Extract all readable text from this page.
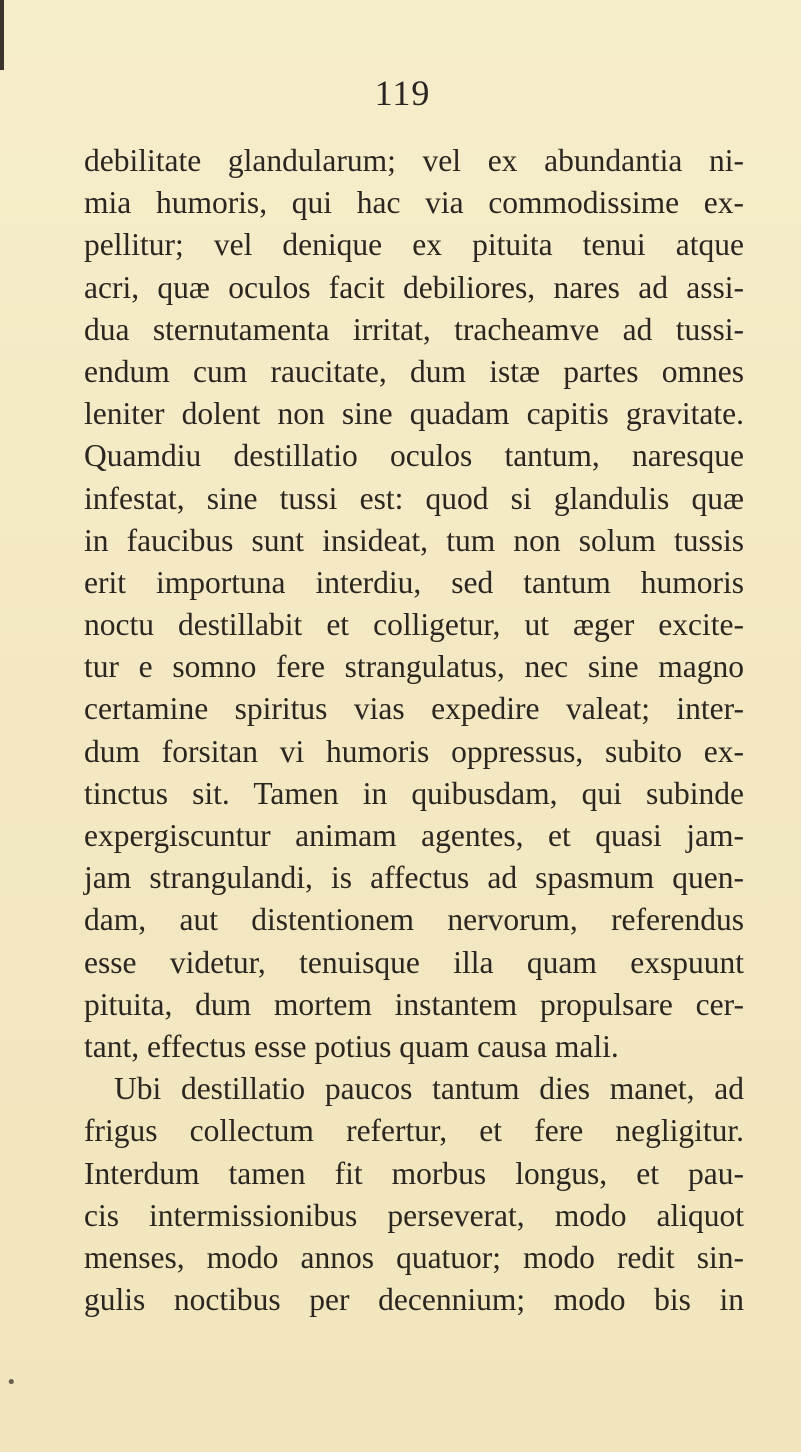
119
debilitate glandularum; vel ex abundantia ni-
mia humoris, qui hac via commodissime ex-
pellitur; vel denique ex pituita tenui atque
acri, quæ oculos facit debiliores, nares ad assi-
dua sternutamenta irritat, tracheamve ad tussi-
endum cum raucitate, dum istæ partes omnes
leniter dolent non sine quadam capitis gravitate.
Quamdiu destillatio oculos tantum, naresque
infestat, sine tussi est: quod si glandulis quæ
in faucibus sunt insideat, tum non solum tussis
erit importuna interdiu, sed tantum humoris
noctu destillabit et colligetur, ut æger excite-
tur e somno fere strangulatus, nec sine magno
certamine spiritus vias expedire valeat; inter-
dum forsitan vi humoris oppressus, subito ex-
tinctus sit. Tamen in quibusdam, qui subinde
expergiscuntur animam agentes, et quasi jam-
jam strangulandi, is affectus ad spasmum quen-
dam, aut distentionem nervorum, referendus
esse videtur, tenuisque illa quam exspuunt
pituita, dum mortem instantem propulsare cer-
tant, effectus esse potius quam causa mali.
Ubi destillatio paucos tantum dies manet, ad
frigus collectum refertur, et fere negligitur.
Interdum tamen fit morbus longus, et pau-
cis intermissionibus perseverat, modo aliquot
menses, modo annos quatuor; modo redit sin-
gulis noctibus per decennium; modo bis in
•
